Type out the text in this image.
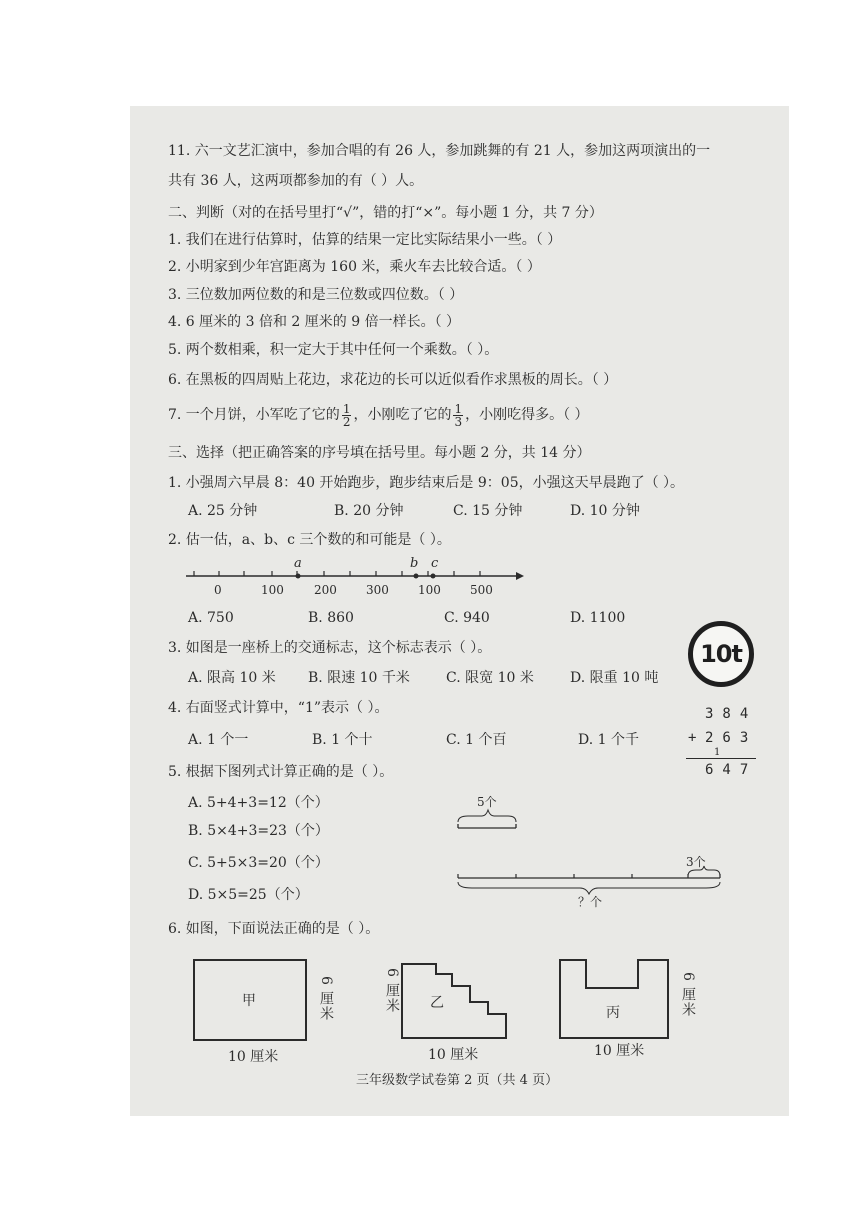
11. 六一文艺汇演中，参加合唱的有 26 人，参加跳舞的有 21 人，参加这两项演出的一
共有 36 人，这两项都参加的有（ ）人。
二、判断（对的在括号里打“√”，错的打“×”。每小题 1 分，共 7 分）
1. 我们在进行估算时，估算的结果一定比实际结果小一些。（ ）
2. 小明家到少年宫距离为 160 米，乘火车去比较合适。（ ）
3. 三位数加两位数的和是三位数或四位数。（ ）
4. 6 厘米的 3 倍和 2 厘米的 9 倍一样长。（ ）
5. 两个数相乘，积一定大于其中任何一个乘数。（ ）。
6. 在黑板的四周贴上花边，求花边的长可以近似看作求黑板的周长。（ ）
7. 一个月饼，小军吃了它的 $\frac{1}{2}$ ，小刚吃了它的 $\frac{1}{3}$ ，小刚吃得多。（ ）
三、选择（把正确答案的序号填在括号里。每小题 2 分，共 14 分）
1. 小强周六早晨 8：40 开始跑步，跑步结束后是 9：05，小强这天早晨跑了（ ）。
A. 25 分钟	B. 20 分钟	C. 15 分钟	D. 10 分钟
2. 估一估，a、b、c 三个数的和可能是（ ）。
a	b c
0	100	200 300 100 500
A. 750	B. 860	C. 940	D. 1100
3. 如图是一座桥上的交通标志，这个标志表示（ ）。	10t
A. 限高 10 米 B. 限速 10 千米	C. 限宽 10 米	D. 限重 10 吨
4. 右面竖式计算中，“1”表示（ ）。
A. 1 个一	B. 1 个十	C. 1 个百	D. 1 个千
384
+ 263
1
647
5. 根据下图列式计算正确的是（ ）。
A. 5+4+3=12（个）
B. 5×4+3=23（个）
C. 5+5×3=20（个）
D. 5×5=25（个）
5个
3个
？个
6. 如图，下面说法正确的是（ ）。
甲	乙
丙
6 厘米	6 厘米	6 厘米
10 厘米	10 厘米	10 厘米
三年级数学试卷第 2 页（共 4 页）
